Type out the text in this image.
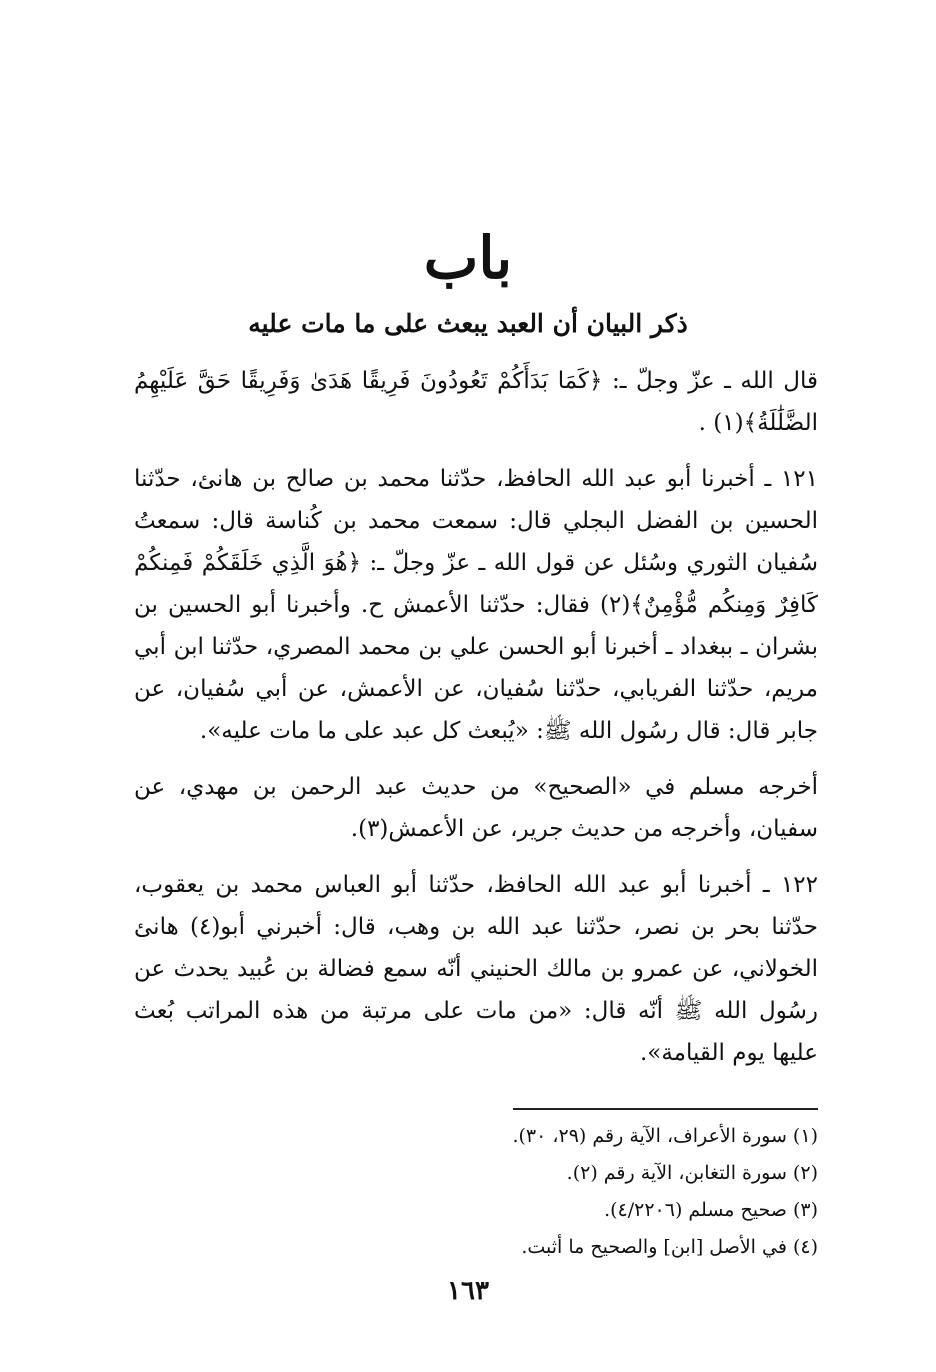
باب
ذكر البيان أن العبد يبعث على ما مات عليه

قال الله ـ عزّ وجلّ ـ: ﴿كَمَا بَدَأَكُمْ تَعُودُونَ فَرِيقًا هَدَىٰ وَفَرِيقًا حَقَّ عَلَيْهِمُ الضَّلَٰلَةُ﴾(١) .

١٢١ ـ أخبرنا أبو عبد الله الحافظ، حدّثنا محمد بن صالح بن هانئ، حدّثنا الحسين بن الفضل البجلي قال: سمعت محمد بن كُناسة قال: سمعتُ سُفيان الثوري وسُئل عن قول الله ـ عزّ وجلّ ـ: ﴿هُوَ الَّذِي خَلَقَكُمْ فَمِنكُمْ كَافِرٌ وَمِنكُم مُّؤْمِنٌ﴾(٢) فقال: حدّثنا الأعمش ح. وأخبرنا أبو الحسين بن بشران ـ ببغداد ـ أخبرنا أبو الحسن علي بن محمد المصري، حدّثنا ابن أبي مريم، حدّثنا الفريابي، حدّثنا سُفيان، عن الأعمش، عن أبي سُفيان، عن جابر قال: قال رسُول الله ﷺ: «يُبعث كل عبد على ما مات عليه».

أخرجه مسلم في «الصحيح» من حديث عبد الرحمن بن مهدي، عن سفيان، وأخرجه من حديث جرير، عن الأعمش(٣).

١٢٢ ـ أخبرنا أبو عبد الله الحافظ، حدّثنا أبو العباس محمد بن يعقوب، حدّثنا بحر بن نصر، حدّثنا عبد الله بن وهب، قال: أخبرني أبو(٤) هانئ الخولاني، عن عمرو بن مالك الحنيني أنّه سمع فضالة بن عُبيد يحدث عن رسُول الله ﷺ أنّه قال: «من مات على مرتبة من هذه المراتب بُعث عليها يوم القيامة».

(١) سورة الأعراف، الآية رقم (٢٩، ٣٠).
(٢) سورة التغابن، الآية رقم (٢).
(٣) صحيح مسلم (٤/٢٢٠٦).
(٤) في الأصل [ابن] والصحيح ما أثبت.
١٦٣
